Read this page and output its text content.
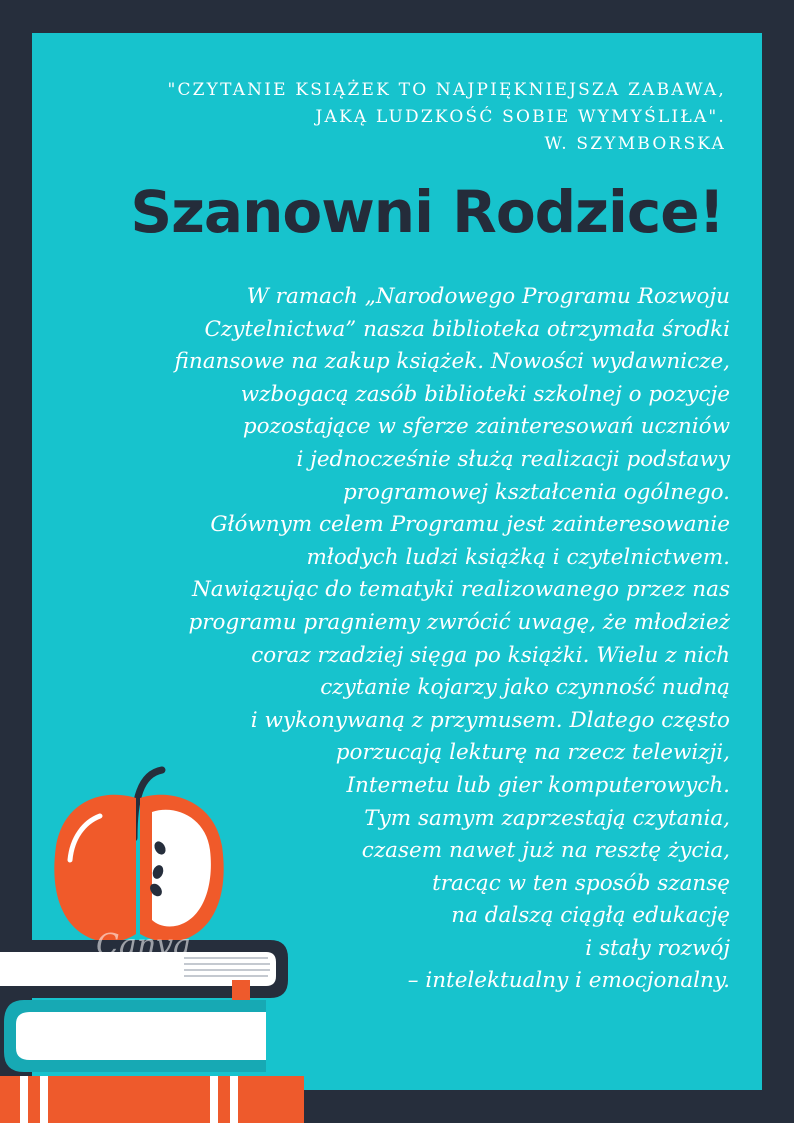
"CZYTANIE KSIĄŻEK TO NAJPIĘKNIEJSZA ZABAWA,
JAKĄ LUDZKOŚĆ SOBIE WYMYŚLIŁA".
W. SZYMBORSKA
Szanowni Rodzice!
W ramach „Narodowego Programu Rozwoju
Czytelnictwa” nasza biblioteka otrzymała środki
finansowe na zakup książek. Nowości wydawnicze,
wzbogacą zasób biblioteki szkolnej o pozycje
pozostające w sferze zainteresowań uczniów
i jednocześnie służą realizacji podstawy
programowej kształcenia ogólnego.
Głównym celem Programu jest zainteresowanie
młodych ludzi książką i czytelnictwem.
Nawiązując do tematyki realizowanego przez nas
programu pragniemy zwrócić uwagę, że młodzież
coraz rzadziej sięga po książki. Wielu z nich
czytanie kojarzy jako czynność nudną
i wykonywaną z przymusem. Dlatego często
porzucają lekturę na rzecz telewizji,
Internetu lub gier komputerowych.
Tym samym zaprzestają czytania,
czasem nawet już na resztę życia,
tracąc w ten sposób szansę
na dalszą ciągłą edukację
i stały rozwój
– intelektualny i emocjonalny.
Canva
